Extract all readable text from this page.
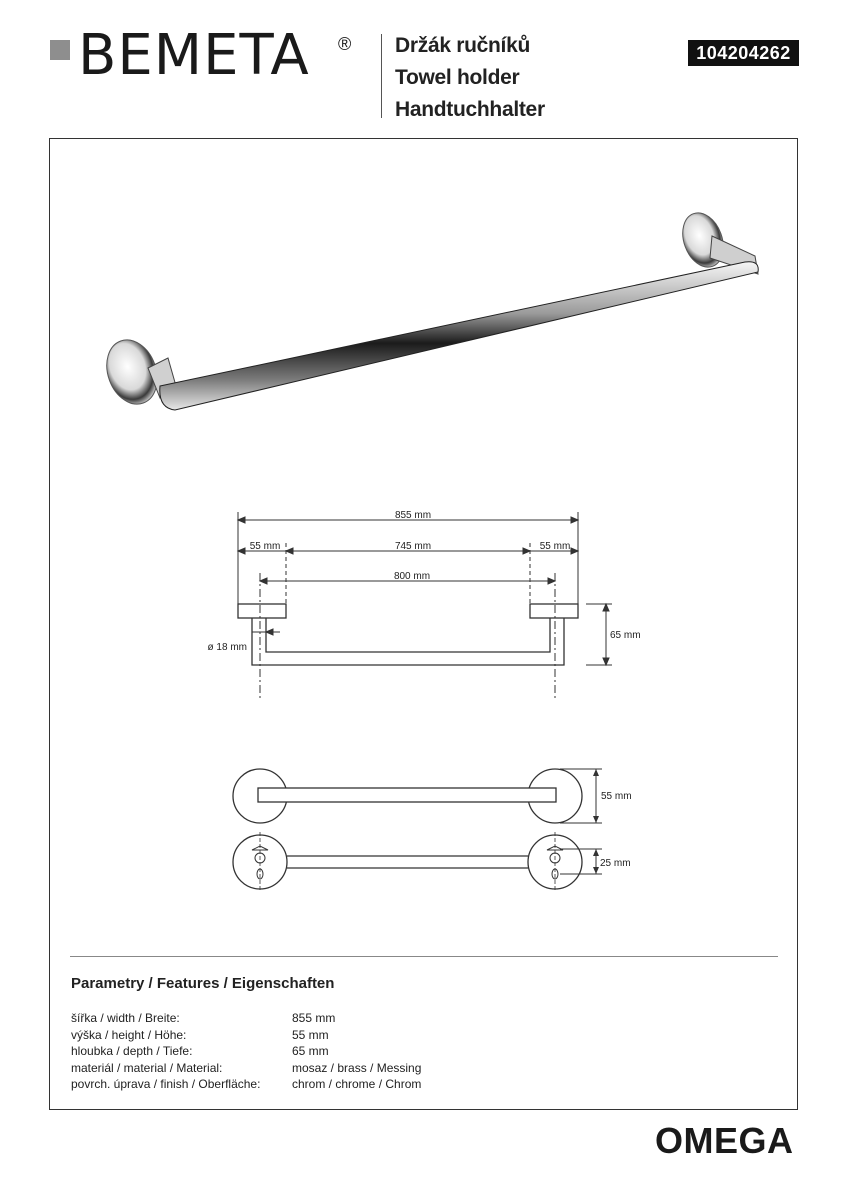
BEMETA ® Držák ručníků
Towel holder
Handtuchhalter
104204262
855 mm
55 mm	745 mm	55 mm
800 mm
65 mm
ø 18 mm
55 mm
25 mm
Parametry / Features / Eigenschaften
šířka / width / Breite:	855 mm
výška / height / Höhe:	55 mm
hloubka / depth / Tiefe:	65 mm
materiál / material / Material:	mosaz / brass / Messing
povrch. úprava / finish / Oberfläche:	chrom / chrome / Chrom
OMEGA
